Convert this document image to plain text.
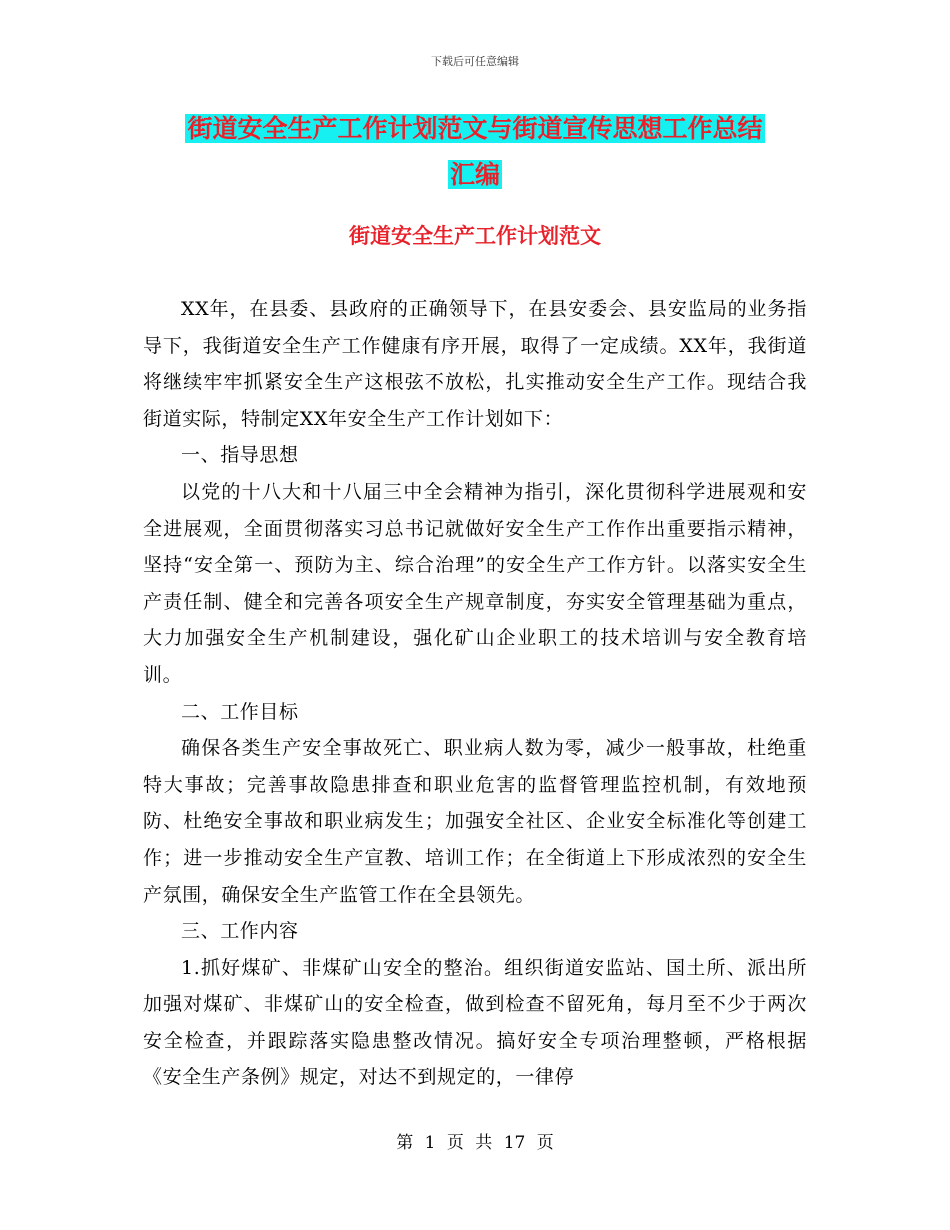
下载后可任意编辑
街道安全生产工作计划范文与街道宣传思想工作总结
汇编
街道安全生产工作计划范文

XX年，在县委、县政府的正确领导下，在县安委会、县安监局的业务指导下，我街道安全生产工作健康有序开展，取得了一定成绩。XX年，我街道将继续牢牢抓紧安全生产这根弦不放松，扎实推动安全生产工作。现结合我街道实际，特制定XX年安全生产工作计划如下：

一、指导思想

以党的十八大和十八届三中全会精神为指引，深化贯彻科学进展观和安全进展观，全面贯彻落实习总书记就做好安全生产工作作出重要指示精神，坚持“安全第一、预防为主、综合治理”的安全生产工作方针。以落实安全生产责任制、健全和完善各项安全生产规章制度，夯实安全管理基础为重点，大力加强安全生产机制建设，强化矿山企业职工的技术培训与安全教育培训。

二、工作目标

确保各类生产安全事故死亡、职业病人数为零，减少一般事故，杜绝重特大事故；完善事故隐患排查和职业危害的监督管理监控机制，有效地预防、杜绝安全事故和职业病发生；加强安全社区、企业安全标准化等创建工作；进一步推动安全生产宣教、培训工作；在全街道上下形成浓烈的安全生产氛围，确保安全生产监管工作在全县领先。

三、工作内容

1.抓好煤矿、非煤矿山安全的整治。组织街道安监站、国土所、派出所加强对煤矿、非煤矿山的安全检查，做到检查不留死角，每月至不少于两次安全检查，并跟踪落实隐患整改情况。搞好安全专项治理整顿，严格根据《安全生产条例》规定，对达不到规定的，一律停

第 1 页 共 17 页
